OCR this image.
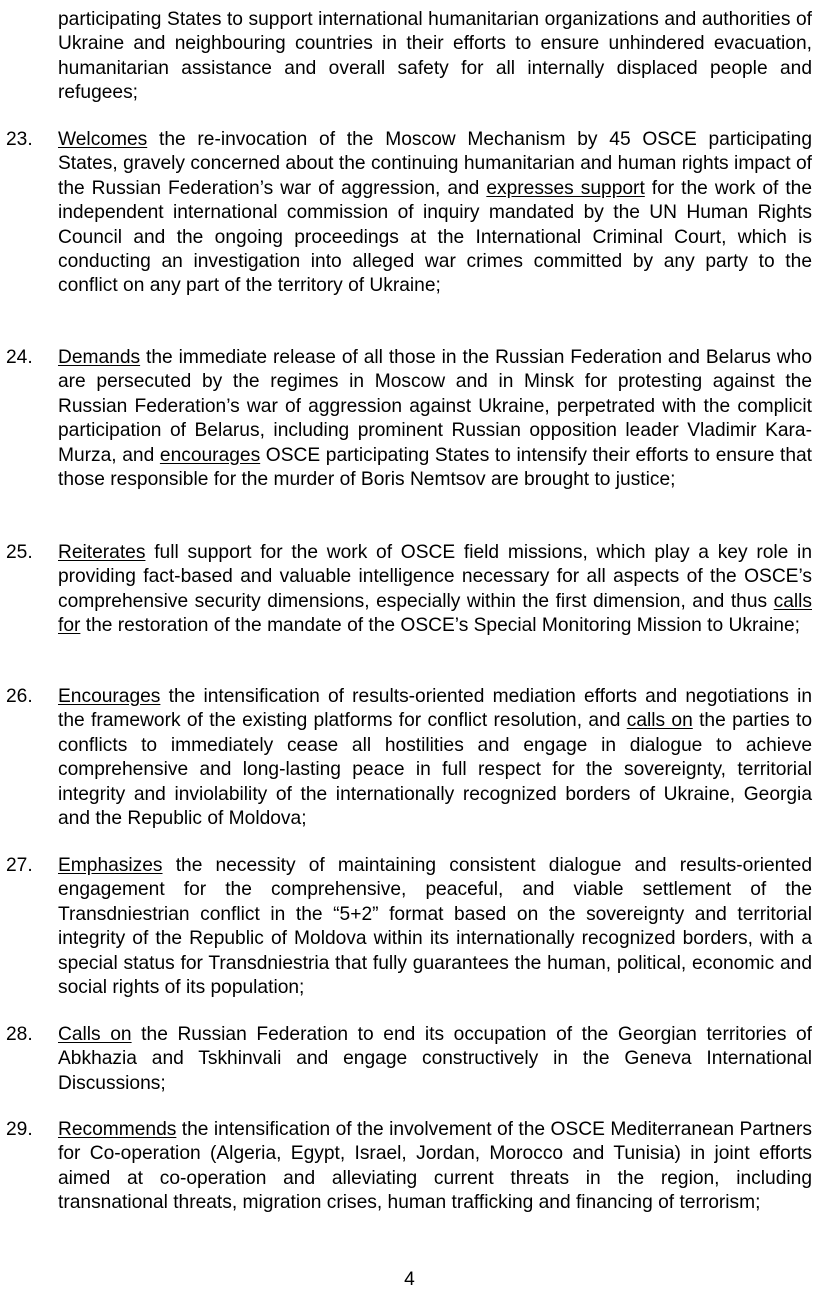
participating States to support international humanitarian organizations and authorities of Ukraine and neighbouring countries in their efforts to ensure unhindered evacuation, humanitarian assistance and overall safety for all internally displaced people and refugees;
23.	Welcomes the re-invocation of the Moscow Mechanism by 45 OSCE participating States, gravely concerned about the continuing humanitarian and human rights impact of the Russian Federation’s war of aggression, and expresses support for the work of the independent international commission of inquiry mandated by the UN Human Rights Council and the ongoing proceedings at the International Criminal Court, which is conducting an investigation into alleged war crimes committed by any party to the conflict on any part of the territory of Ukraine;
24.	Demands the immediate release of all those in the Russian Federation and Belarus who are persecuted by the regimes in Moscow and in Minsk for protesting against the Russian Federation’s war of aggression against Ukraine, perpetrated with the complicit participation of Belarus, including prominent Russian opposition leader Vladimir Kara-Murza, and encourages OSCE participating States to intensify their efforts to ensure that those responsible for the murder of Boris Nemtsov are brought to justice;
25.	Reiterates full support for the work of OSCE field missions, which play a key role in providing fact-based and valuable intelligence necessary for all aspects of the OSCE’s comprehensive security dimensions, especially within the first dimension, and thus calls for the restoration of the mandate of the OSCE’s Special Monitoring Mission to Ukraine;
26.	Encourages the intensification of results-oriented mediation efforts and negotiations in the framework of the existing platforms for conflict resolution, and calls on the parties to conflicts to immediately cease all hostilities and engage in dialogue to achieve comprehensive and long-lasting peace in full respect for the sovereignty, territorial integrity and inviolability of the internationally recognized borders of Ukraine, Georgia and the Republic of Moldova;
27.	Emphasizes the necessity of maintaining consistent dialogue and results-oriented engagement for the comprehensive, peaceful, and viable settlement of the Transdniestrian conflict in the “5+2” format based on the sovereignty and territorial integrity of the Republic of Moldova within its internationally recognized borders, with a special status for Transdniestria that fully guarantees the human, political, economic and social rights of its population;
28.	Calls on the Russian Federation to end its occupation of the Georgian territories of Abkhazia and Tskhinvali and engage constructively in the Geneva International Discussions;
29.	Recommends the intensification of the involvement of the OSCE Mediterranean Partners for Co-operation (Algeria, Egypt, Israel, Jordan, Morocco and Tunisia) in joint efforts aimed at co-operation and alleviating current threats in the region, including transnational threats, migration crises, human trafficking and financing of terrorism;
4
